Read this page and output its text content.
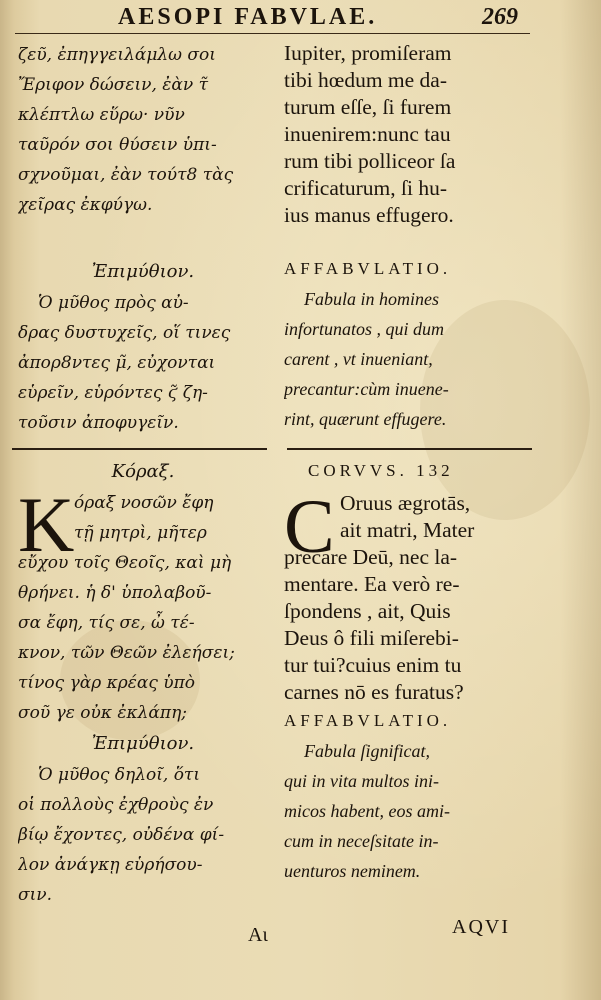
AESOPI FABVLAE.	269
ζεῦ, ἐπηγγειλάμλω σοι
Ἔριφον δώσειν, ἐὰν τ̃
κλέπτλω εὕρω· νῦν
ταῦρόν σοι θύσειν ὑπι-
σχνοῦμαι, ἐὰν τούτ8 τὰς
χεῖρας ἐκφύγω.
Ἐπιμύθιον.
Ὁ μῦθος πρὸς αὐ-
δρας δυστυχεῖς, οἵ τινες
ἀπορ8ντες μ̃, εὐχονται
εὑρεῖν, εὑρόντες ϛ̃ ζη-
τοῦσιν ἀποφυγεῖν.
Κόραξ.
Κ όραξ νοσῶν ἔφη
τῇ μητρὶ, μῆτερ
εὔχου τοῖς Θεοῖς, καὶ μὴ
θρήνει. ἡ δ' ὑπολαβοῦ-
σα ἔφη, τίς σε, ὦ τέ-
κνον, τῶν Θεῶν ἐλεήσει;
τίνος γὰρ κρέας ὑπὸ
σοῦ γε οὐκ ἐκλάπη;
Ἐπιμύθιον.
Ὁ μῦθος δηλοῖ, ὅτι
οἱ πολλοὺς ἐχθροὺς ἐν
βίῳ ἔχοντες, οὐδένα φί-
λον ἀνάγκῃ εὑρήσου-
σιν.
Αι
Iupiter, promiſeram
tibi hœdum me da-
turum eſſe, ſi furem
inuenirem:nunc tau
rum tibi polliceor ſa
crificaturum, ſi hu-
ius manus effugero.
AFFABVLATIO.
Fabula in homines
infortunatos , qui dum
carent , vt inueniant,
precantur:cùm inuene-
rint, quærunt effugere.
CORVVS. 132
C Oruus ægrotās,
ait matri, Mater
precare Deū, nec la-
mentare. Ea verò re-
ſpondens , ait, Quis
Deus ô fili miſerebi-
tur tui?cuius enim tu
carnes nō es furatus?
AFFABVLATIO.
Fabula ſignificat,
qui in vita multos ini-
micos habent, eos ami-
cum in neceſsitate in-
uenturos neminem.
AQVI
